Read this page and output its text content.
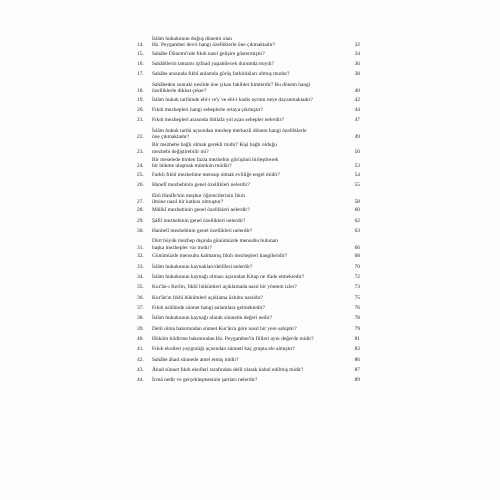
14.
İslâm hukukunun doğuş dönemi olan
Hz. Peygamber devri hangi özelliklerle öne çıkmaktadır?	32
15.	Sahâbe Dönemi'nde fıkıh nasıl gelişim göstermiştir?	34
16.	Sahâbîlerin tamamı içtihad yapabilecek durumda mıydı?	36
17.	Sahâbe arasında fıkhî anlamda görüş farklılıkları olmuş mudur?	38
18.
Sahâbeden sonraki nesilde öne çıkan fakihler kimlerdir? Bu dönem hangi
özelliklerle dikkat çeker?	40
19.	İslâm hukuk tarihinde ehl-i re'y ve ehl-i hadis ayrımı neye dayanmaktadır?	42
20.	Fıkıh mezhepleri hangi sebeplerle ortaya çıkmıştır?	44
21.	Fıkıh mezhepleri arasında ihtilafa yol açan sebepler nelerdir?	47
22.
İslâm hukuk tarihi açısından mezhep merkezli dönem hangi özelliklerle
öne çıkmaktadır?	49
23.
Bir mezhebe bağlı olmak gerekli midir? Kişi bağlı olduğu
mezhebi değiştirebilir mi?	50
24.
Bir meselede birden fazla mezhebin görüşünü birleştirerek
bir hükme ulaşmak mümkün müdür?	53
25.	Farklı fıkhî mezhebine mensup olmak evliliğe engel midir?	54
26.	Hanefî mezhebinin genel özellikleri nelerdir?	55
27.
Ebû Hanîfe'nin meşhur öğrencilerinin fıkıh
ilmine nasıl bir katkısı olmuştur?	58
28.	Mâlikî mezhebinin genel özellikleri nelerdir?	60
29.	Şâfiî mezhebinin genel özellikleri nelerdir?	62
30.	Hanbelî mezhebinin genel özellikleri nelerdir?	63
31.
Dört büyük mezhep dışında günümüzde mensubu bulunan
başka mezhepler var mıdır?	66
32.	Günümüzde mensubu kalmamış fıkıh mezhepleri hangileridir?	68
33.	İslâm hukukunun kaynakları/delilleri nelerdir?	70
34.	İslâm hukukunun kaynağı olması açısından Kitap ne ifade etmektedir?	72
35.	Kur'ân-ı Kerîm, fıkhî hükümleri açıklamada nasıl bir yöntem izler?	73
36.	Kur'ân'ın fıkhî hükümleri açıklama üslubu nasıldır?	75
37.	Fıkıh usûlünde sünnet hangi anlamlara gelmektedir?	76
38.	İslâm hukukunun kaynağı olarak sünnetin değeri nedir?	78
39.	Delil olma bakımından sünnet Kur'ân'a göre nasıl bir yere sahiptir?	79
40.	Hüküm bildirme bakımından Hz. Peygamber'in fiilleri aynı değerde midir?	81
41.	Fıkıh ekolleri yaygınlığı açısından sünneti kaç grupta ele almıştır?	83
42.	Sahâbe âhad sünnetle amel etmiş midir?	86
43.	Âhad sünnet fıkıh ekolleri tarafından delil olarak kabul edilmiş midir?	87
44.	İcmâ nedir ve gerçekleşmesinin şartları nelerdir?	89
